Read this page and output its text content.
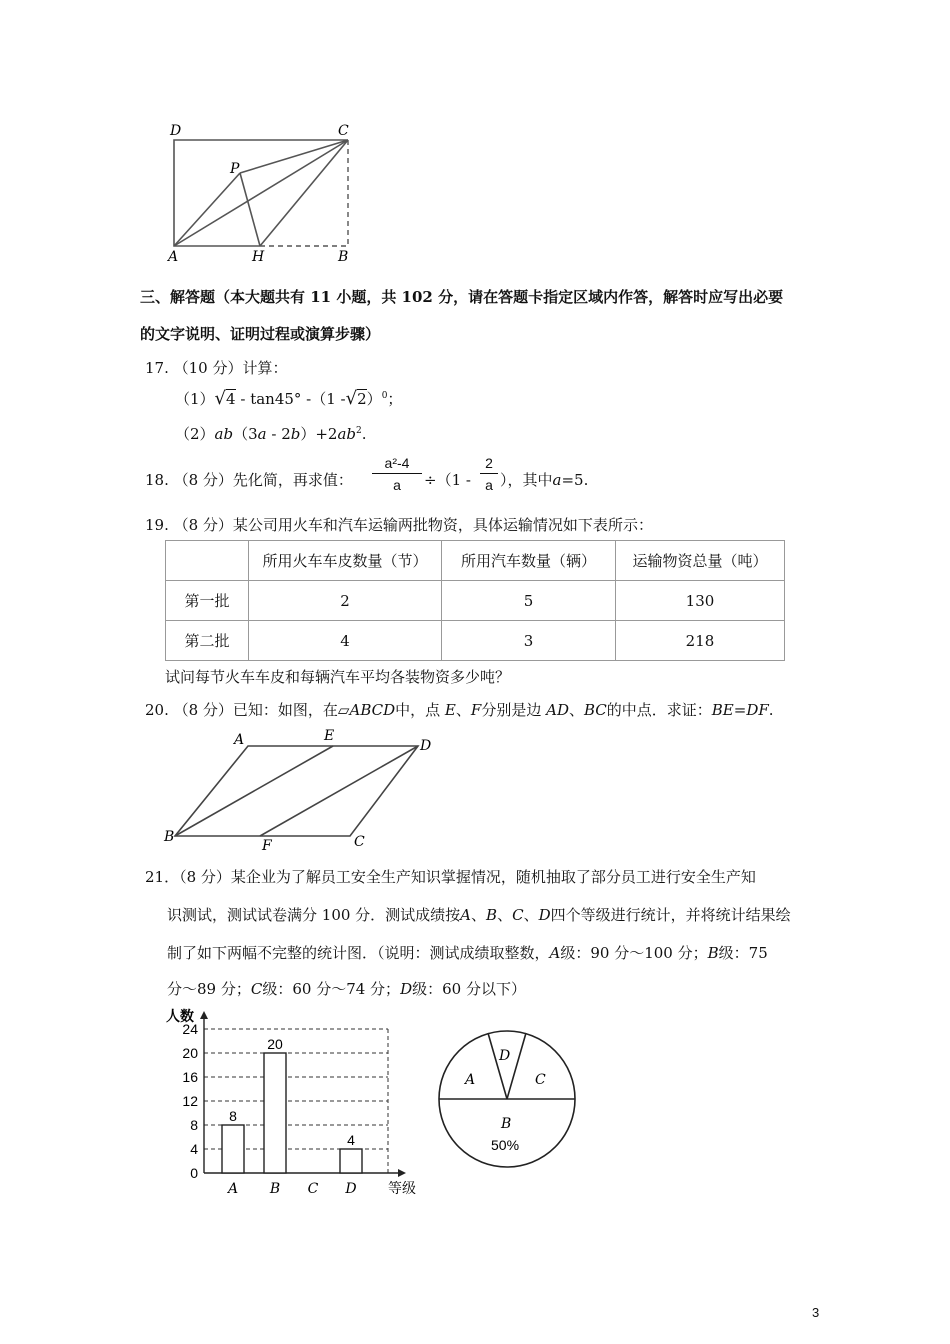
D	C
P
A	H	B
三、解答题（本大题共有 11 小题，共 102 分，请在答题卡指定区域内作答，解答时应写出必要
的文字说明、证明过程或演算步骤）
17. （10 分）计算：
（1）√4 - tan45° -（1 -√2）$^0$；
$(2)ab(3a - 2b)+2ab^2$.
18. （8 分）先化简，再求值： $\frac{\text{a²-4}}{a} \div(1 - \frac{2}{a}$ ），其中a=5.
19. （8 分）某公司用火车和汽车运输两批物资，具体运输情况如下表所示：
	所用火车车皮数量（节）	所用汽车数量（辆）	运输物资总量（吨）
第一批	2	5	130
第二批	4	3	218
试问每节火车车皮和每辆汽车平均各装物资多少吨？
20. （8 分）已知：如图，在▱ABCD中，点 E、F分别是边 AD、BC的中点．求证：BE=DF.
A	E
D
B
F	C
21．（8 分）某企业为了解员工安全生产知识掌握情况，随机抽取了部分员工进行安全生产知
识测试，测试试卷满分 100 分．测试成绩按A、B、C、D四个等级进行统计，并将统计结果绘
制了如下两幅不完整的统计图．（说明：测试成绩取整数，A级：90 分～100 分；B级：75
分～89 分；C级：60 分～74 分；D级：60 分以下）
人数
等级
0
4
8
12
16
20
24
8
A
20
B C
4
D
A
D
C
B
50%
3
